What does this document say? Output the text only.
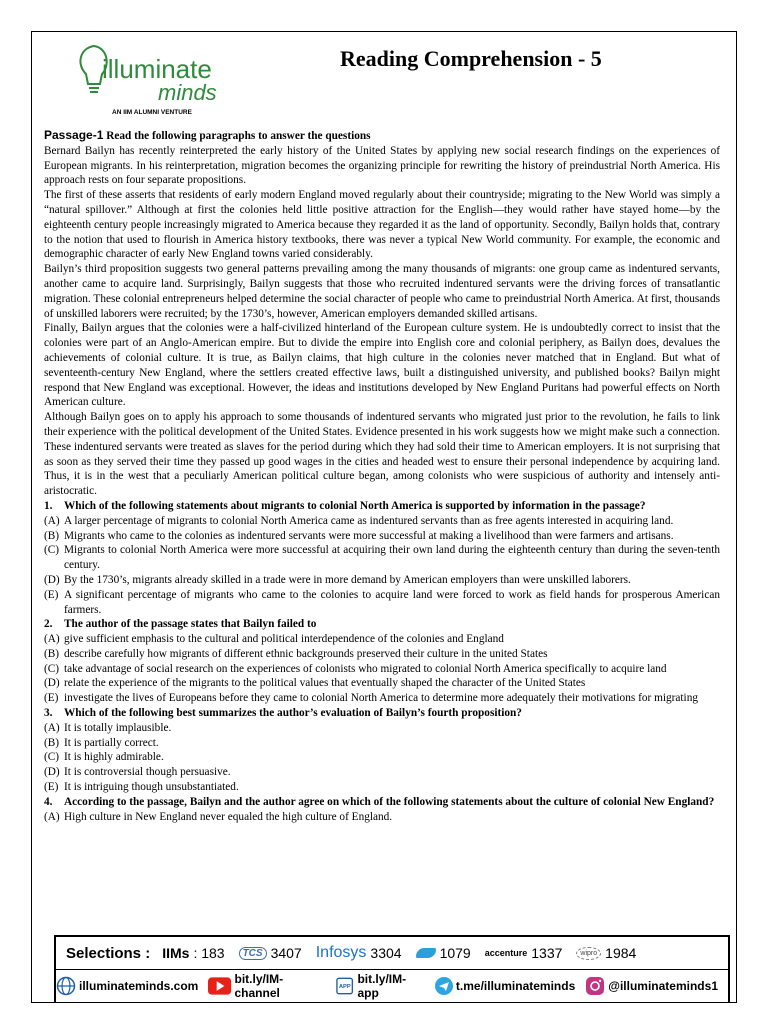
illuminate
minds
AN IIM ALUMNI VENTURE
Reading Comprehension - 5

Passage-1 Read the following paragraphs to answer the questions

Bernard Bailyn has recently reinterpreted the early history of the United States by applying new social research findings on the experiences of European migrants. In his reinterpretation, migration becomes the organizing principle for rewriting the history of preindustrial North America. His approach rests on four separate propositions.

The first of these asserts that residents of early modern England moved regularly about their countryside; migrating to the New World was simply a “natural spillover.” Although at first the colonies held little positive attraction for the English—they would rather have stayed home—by the eighteenth century people increasingly migrated to America because they regarded it as the land of opportunity. Secondly, Bailyn holds that, contrary to the notion that used to flourish in America history textbooks, there was never a typical New World community. For example, the economic and demographic character of early New England towns varied considerably.

Bailyn’s third proposition suggests two general patterns prevailing among the many thousands of migrants: one group came as indentured servants, another came to acquire land. Surprisingly, Bailyn suggests that those who recruited indentured servants were the driving forces of transatlantic migration. These colonial entrepreneurs helped determine the social character of people who came to preindustrial North America. At first, thousands of unskilled laborers were recruited; by the 1730’s, however, American employers demanded skilled artisans.

Finally, Bailyn argues that the colonies were a half-civilized hinterland of the European culture system. He is undoubtedly correct to insist that the colonies were part of an Anglo-American empire. But to divide the empire into English core and colonial periphery, as Bailyn does, devalues the achievements of colonial culture. It is true, as Bailyn claims, that high culture in the colonies never matched that in England. But what of seventeenth-century New England, where the settlers created effective laws, built a distinguished university, and published books? Bailyn might respond that New England was exceptional. However, the ideas and institutions developed by New England Puritans had powerful effects on North American culture.

Although Bailyn goes on to apply his approach to some thousands of indentured servants who migrated just prior to the revolution, he fails to link their experience with the political development of the United States. Evidence presented in his work suggests how we might make such a connection. These indentured servants were treated as slaves for the period during which they had sold their time to American employers. It is not surprising that as soon as they served their time they passed up good wages in the cities and headed west to ensure their personal independence by acquiring land. Thus, it is in the west that a peculiarly American political culture began, among colonists who were suspicious of authority and intensely anti-aristocratic.

1. Which of the following statements about migrants to colonial North America is supported by information in the passage?

(A) A larger percentage of migrants to colonial North America came as indentured servants than as free agents interested in acquiring land.

(B) Migrants who came to the colonies as indentured servants were more successful at making a livelihood than were farmers and artisans.

(C) Migrants to colonial North America were more successful at acquiring their own land during the eighteenth century than during the seven-tenth century.

(D) By the 1730’s, migrants already skilled in a trade were in more demand by American employers than were unskilled laborers.

(E) A significant percentage of migrants who came to the colonies to acquire land were forced to work as field hands for prosperous American farmers.

2. The author of the passage states that Bailyn failed to

(A) give sufficient emphasis to the cultural and political interdependence of the colonies and England

(B) describe carefully how migrants of different ethnic backgrounds preserved their culture in the united States

(C) take advantage of social research on the experiences of colonists who migrated to colonial North America specifically to acquire land

(D) relate the experience of the migrants to the political values that eventually shaped the character of the United States

(E) investigate the lives of Europeans before they came to colonial North America to determine more adequately their motivations for migrating

3. Which of the following best summarizes the author’s evaluation of Bailyn’s fourth proposition?

(A) It is totally implausible.

(B) It is partially correct.

(C) It is highly admirable.

(D) It is controversial though persuasive.

(E) It is intriguing though unsubstantiated.

4. According to the passage, Bailyn and the author agree on which of the following statements about the culture of colonial New England?

(A) High culture in New England never equaled the high culture of England.

Selections : IIMs : 183	TCS 3407 Infosys 3304	1079 accenture 1337	wipro 1984
illuminateminds.com	bit.ly/IM-channel	APP
bit.ly/IM-app	t.me/illuminateminds	@illuminateminds1
